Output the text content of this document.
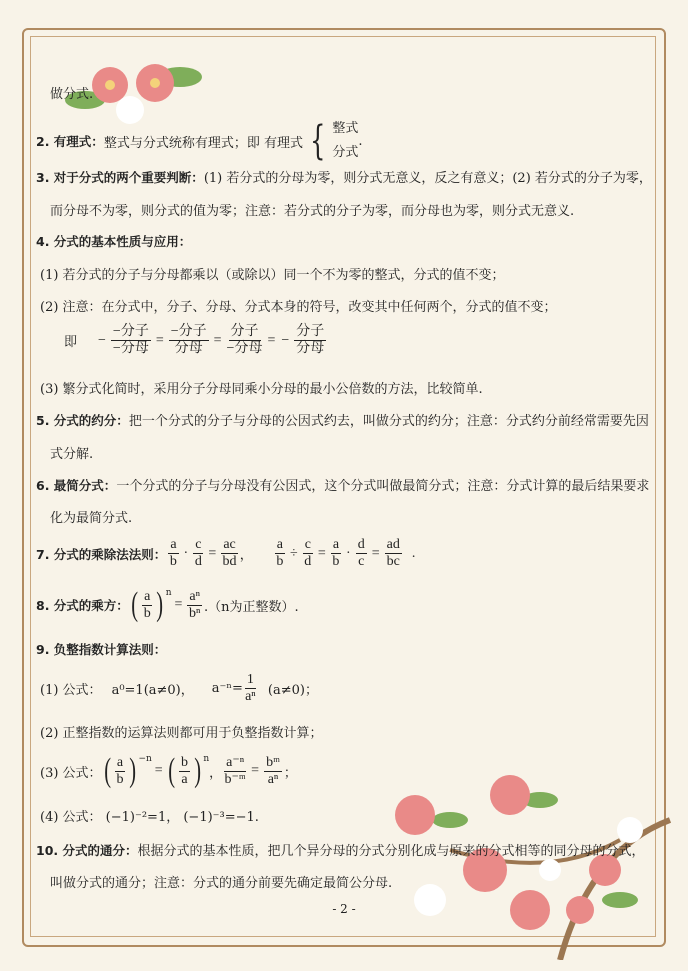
做分式.
2. 有理式： 整式与分式统称有理式；即 有理式 { 整式
分式
.
3. 对于分式的两个重要判断： (1) 若分式的分母为零，则分式无意义，反之有意义；(2) 若分式的分子为零，
而分母不为零，则分式的值为零；注意：若分式的分子为零，而分母也为零，则分式无意义.
4. 分式的基本性质与应用：
(1) 若分式的分子与分母都乘以（或除以）同一个不为零的整式，分式的值不变；
(2) 注意：在分式中，分子、分母、分式本身的符号，改变其中任何两个，分式的值不变；
即 − $\frac{\text{−分子}}{\text{−分母}} = \frac{\text{−分子}}{\text{分母}} = \frac{\text{分子}}{\text{−分母}}$ = − $\frac{\text{分子}}{\text{分母}}$
(3) 繁分式化简时，采用分子分母同乘小分母的最小公倍数的方法，比较简单.
5. 分式的约分： 把一个分式的分子与分母的公因式约去，叫做分式的约分；注意：分式约分前经常需要先因
式分解.
6. 最简分式： 一个分式的分子与分母没有公因式，这个分式叫做最简分式；注意：分式计算的最后结果要求
化为最简分式.
7. 分式的乘除法法则： $\frac{a}{b} \cdot \frac{c}{d} = \frac{ac}{bd}$ ， $\frac{a}{b} \div \frac{c}{d} = \frac{a}{b} \cdot \frac{d}{c} = \frac{ad}{bc}$ .
8. 分式的乘方： ( $\frac{a}{b}$ ) $^n$
= $\frac{\text{aⁿ}}{\text{bⁿ}} .(n$为正整数）.
9. 负整指数计算法则：
(1) 公式： a⁰=1(a≠0)， $a^{-n}= \frac{1}{\text{aⁿ}} (a\ne 0)$；
(2) 正整指数的运算法则都可用于负整指数计算；
(3) 公式： ( $\frac{a}{b}$ ) $^{-n}$
= ( $\frac{b}{a}$ ) $^n$
， $\frac{\text{a⁻ⁿ}}{\text{b⁻ᵐ}} = \frac{\text{bᵐ}}{\text{aⁿ}}$ ；
(4) 公式： (−1)⁻²=1， (−1)⁻³=−1.
10. 分式的通分： 根据分式的基本性质，把几个异分母的分式分别化成与原来的分式相等的同分母的分式，
叫做分式的通分；注意：分式的通分前要先确定最简公分母.
- 2 -
